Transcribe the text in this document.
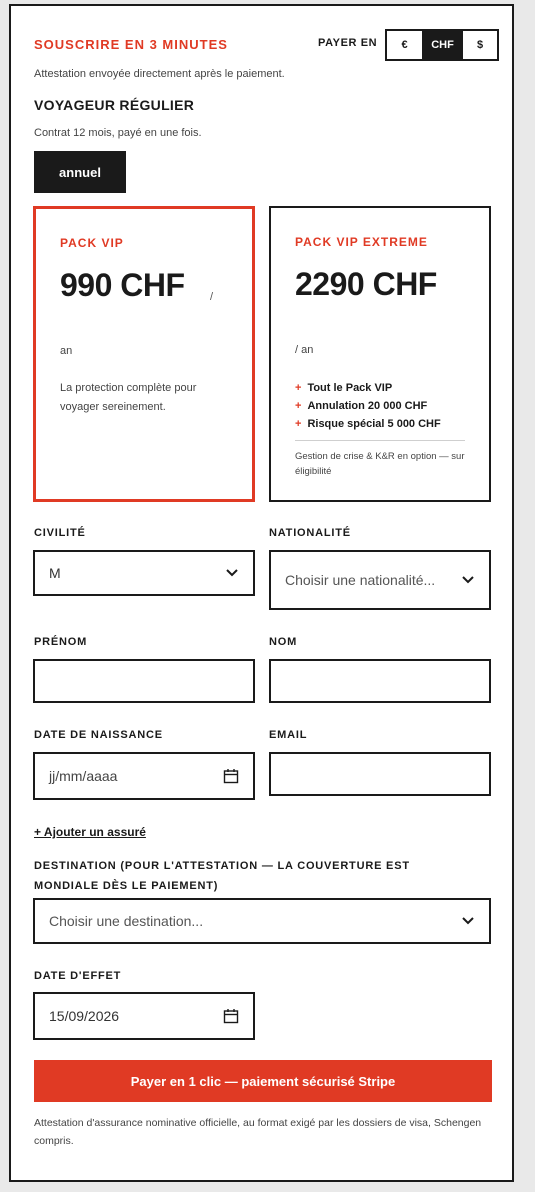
SOUSCRIRE EN 3 MINUTES	PAYER EN	€	CHF	$
Attestation envoyée directement après le paiement.
VOYAGEUR RÉGULIER
Contrat 12 mois, payé en une fois.
annuel
PACK VIP
990 CHF /
an
La protection complète pour voyager sereinement.
PACK VIP EXTREME
2290 CHF
/ an
+ Tout le Pack VIP
+ Annulation 20 000 CHF
+ Risque spécial 5 000 CHF
Gestion de crise & K&R en option — sur éligibilité
CIVILITÉ	NATIONALITÉ
M	Choisir une nationalité...
PRÉNOM	NOM
DATE DE NAISSANCE	EMAIL
jj/mm/aaaa
+ Ajouter un assuré
DESTINATION (POUR L'ATTESTATION — LA COUVERTURE EST MONDIALE DÈS LE PAIEMENT)
Choisir une destination...
DATE D'EFFET
15/09/2026
Payer en 1 clic — paiement sécurisé Stripe
Attestation d'assurance nominative officielle, au format exigé par les dossiers de visa, Schengen compris.
